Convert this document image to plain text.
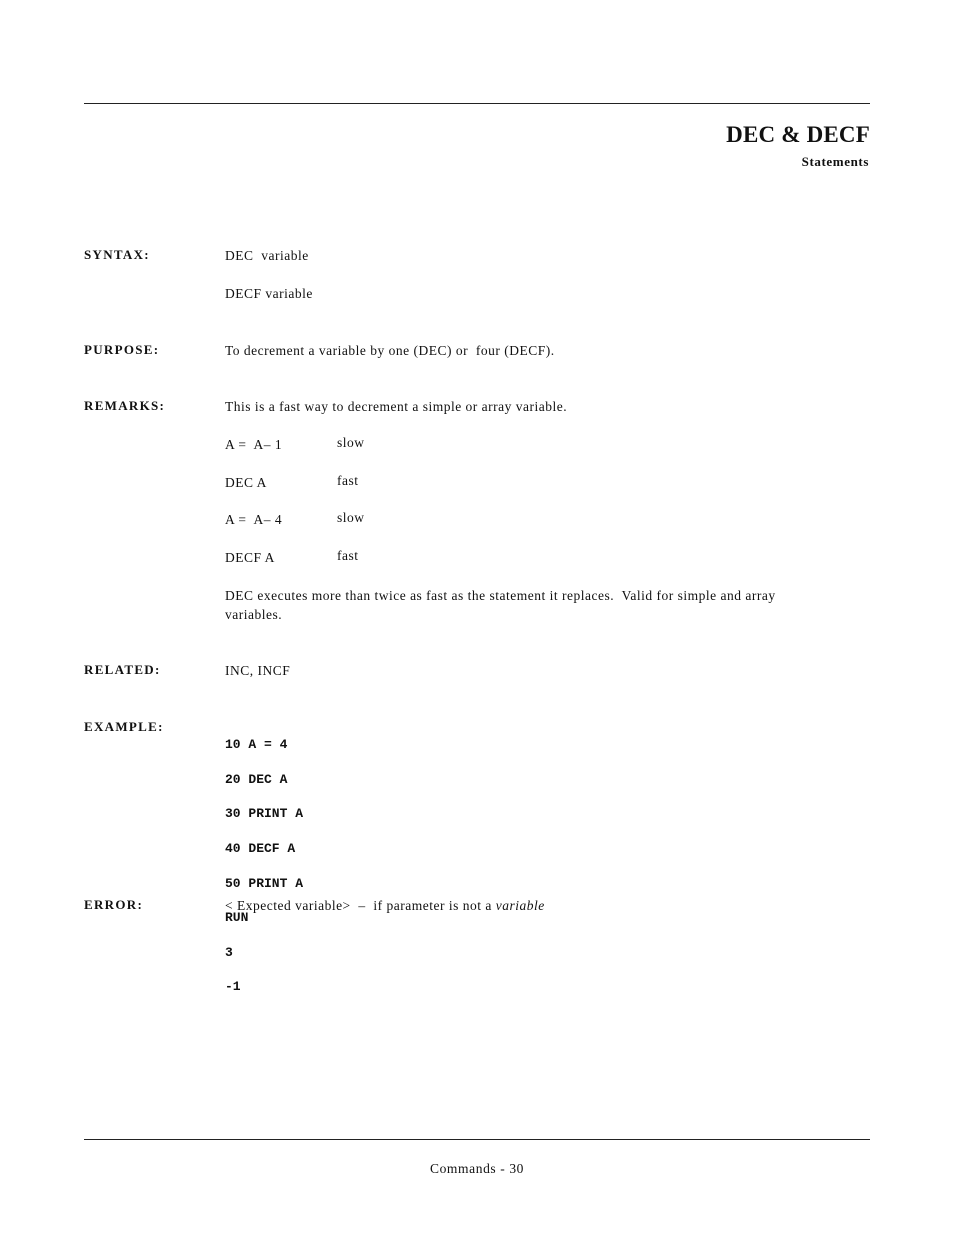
DEC & DECF
Statements
SYNTAX:	DEC  variable
DECF variable
PURPOSE:	To decrement a variable by one (DEC) or  four (DECF).
REMARKS:	This is a fast way to decrement a simple or array variable.
A =  A– 1	slow
DEC A	fast
A =  A– 4	slow
DECF A	fast
DEC executes more than twice as fast as the statement it replaces.  Valid for simple and array
variables.
RELATED:	INC, INCF
EXAMPLE:

10 A = 4

20 DEC A

30 PRINT A

40 DECF A

50 PRINT A

RUN

3

-1

ERROR:	< Expected variable>  –  if parameter is not a variable
Commands - 30
